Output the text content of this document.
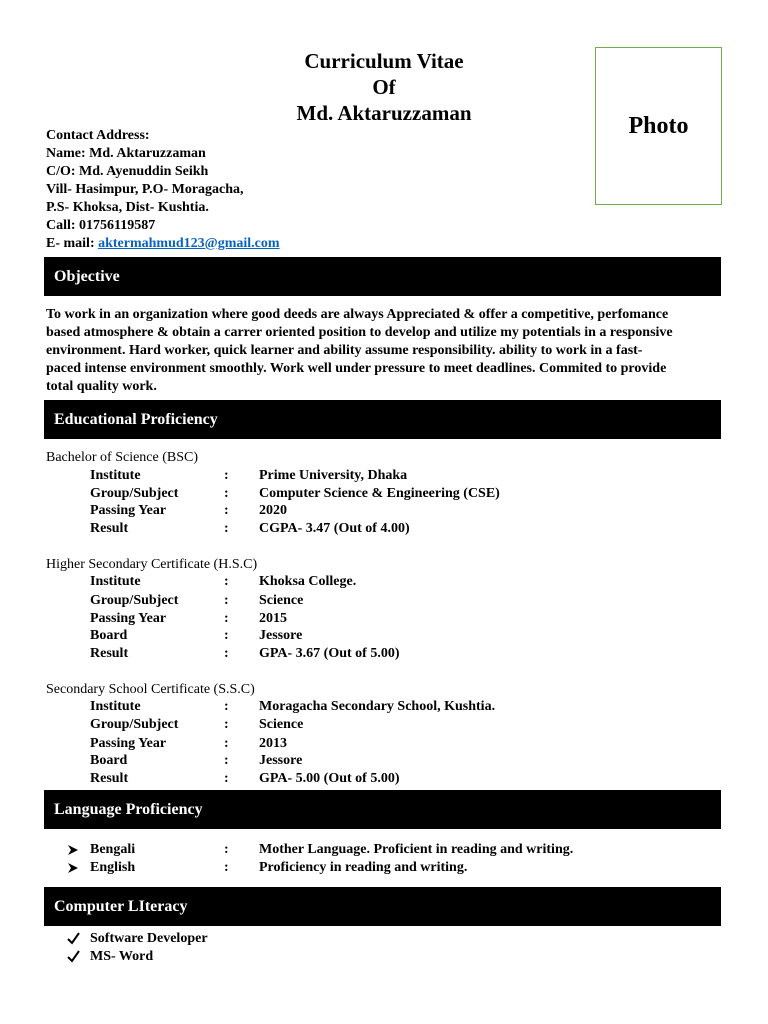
Curriculum Vitae
Of
Md. Aktaruzzaman	Photo
Contact Address:
Name: Md. Aktaruzzaman
C/O: Md. Ayenuddin Seikh
Vill- Hasimpur, P.O- Moragacha,
P.S- Khoksa, Dist- Kushtia.
Call: 01756119587
E- mail: aktermahmud123@gmail.com
Objective
To work in an organization where good deeds are always Appreciated & offer a competitive, perfomance
based atmosphere & obtain a carrer oriented position to develop and utilize my potentials in a responsive
environment. Hard worker, quick learner and ability assume responsibility. ability to work in a fast-
paced intense environment smoothly. Work well under pressure to meet deadlines. Commited to provide
total quality work.
Educational Proficiency
Bachelor of Science (BSC)
Institute	: Prime University, Dhaka
Group/Subject	: Computer Science & Engineering (CSE)
Passing Year	: 2020
Result	: CGPA- 3.47 (Out of 4.00)
Higher Secondary Certificate (H.S.C)
Institute	: Khoksa College.
Group/Subject	: Science
Passing Year	: 2015
Board	: Jessore
Result	: GPA- 3.67 (Out of 5.00)
Secondary School Certificate (S.S.C)
Institute	: Moragacha Secondary School, Kushtia.
Group/Subject	: Science
Passing Year	: 2013
Board	: Jessore
Result	: GPA- 5.00 (Out of 5.00)
Language Proficiency
Bengali	: Mother Language. Proficient in reading and writing.
English	: Proficiency in reading and writing.
Computer LIteracy
Software Developer
MS- Word
